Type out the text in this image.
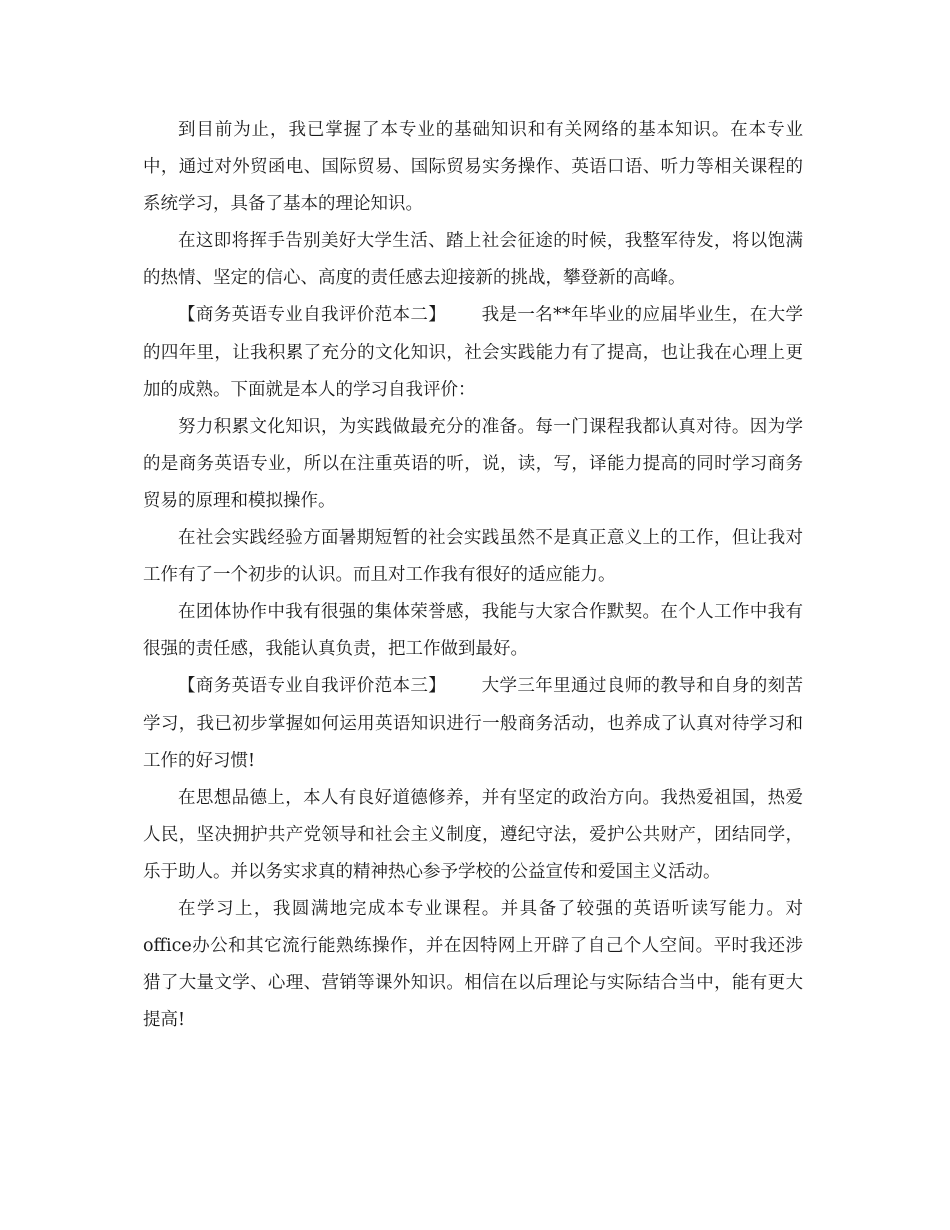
到目前为止，我已掌握了本专业的基础知识和有关网络的基本知识。在本专业中，通过对外贸函电、国际贸易、国际贸易实务操作、英语口语、听力等相关课程的系统学习，具备了基本的理论知识。

在这即将挥手告别美好大学生活、踏上社会征途的时候，我整军待发，将以饱满的热情、坚定的信心、高度的责任感去迎接新的挑战，攀登新的高峰。

【商务英语专业自我评价范本二】      我是一名**年毕业的应届毕业生，在大学的四年里，让我积累了充分的文化知识，社会实践能力有了提高，也让我在心理上更加的成熟。下面就是本人的学习自我评价：

努力积累文化知识，为实践做最充分的准备。每一门课程我都认真对待。因为学的是商务英语专业，所以在注重英语的听，说，读，写，译能力提高的同时学习商务贸易的原理和模拟操作。

在社会实践经验方面暑期短暂的社会实践虽然不是真正意义上的工作，但让我对工作有了一个初步的认识。而且对工作我有很好的适应能力。

在团体协作中我有很强的集体荣誉感，我能与大家合作默契。在个人工作中我有很强的责任感，我能认真负责，把工作做到最好。

【商务英语专业自我评价范本三】      大学三年里通过良师的教导和自身的刻苦学习，我已初步掌握如何运用英语知识进行一般商务活动，也养成了认真对待学习和工作的好习惯!

在思想品德上，本人有良好道德修养，并有坚定的政治方向。我热爱祖国，热爱人民，坚决拥护共产党领导和社会主义制度，遵纪守法，爱护公共财产，团结同学，乐于助人。并以务实求真的精神热心参予学校的公益宣传和爱国主义活动。

在学习上，我圆满地完成本专业课程。并具备了较强的英语听读写能力。对office办公和其它流行能熟练操作，并在因特网上开辟了自己个人空间。平时我还涉猎了大量文学、心理、营销等课外知识。相信在以后理论与实际结合当中，能有更大提高!
